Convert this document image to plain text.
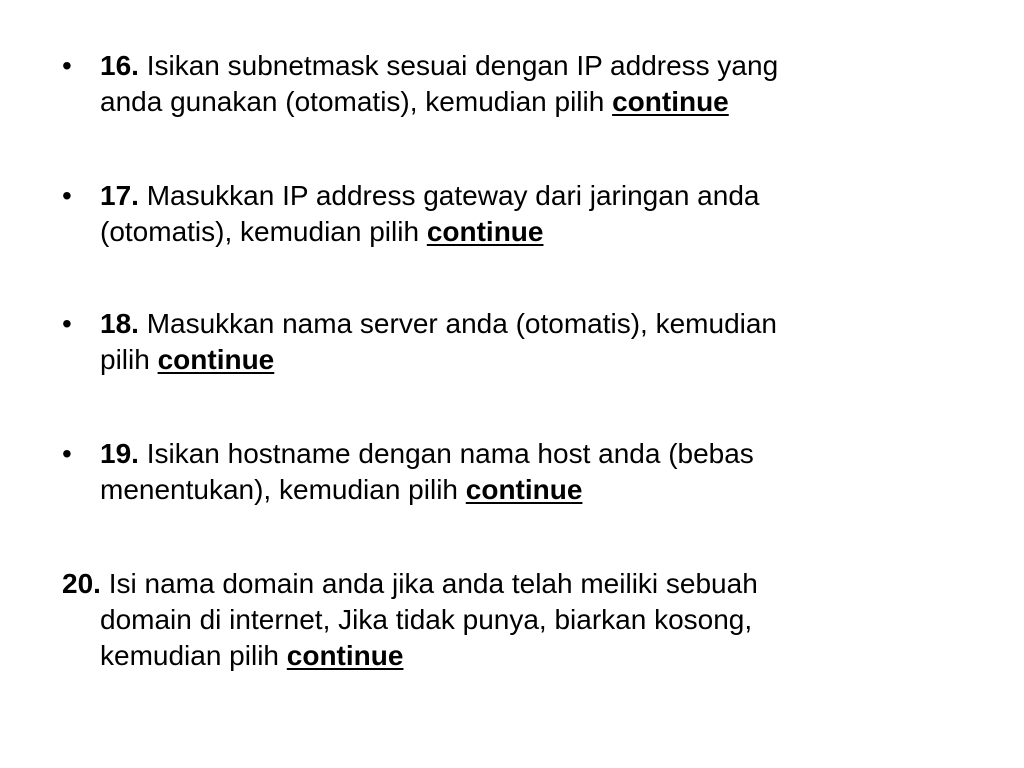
•	16. Isikan subnetmask sesuai dengan IP address yang
anda gunakan (otomatis), kemudian pilih continue
•	17. Masukkan IP address gateway dari jaringan anda
(otomatis), kemudian pilih continue
•	18. Masukkan nama server anda (otomatis), kemudian
pilih continue
•	19. Isikan hostname dengan nama host anda (bebas
menentukan), kemudian pilih continue
20. Isi nama domain anda jika anda telah meiliki sebuah
domain di internet, Jika tidak punya, biarkan kosong,
kemudian pilih continue
